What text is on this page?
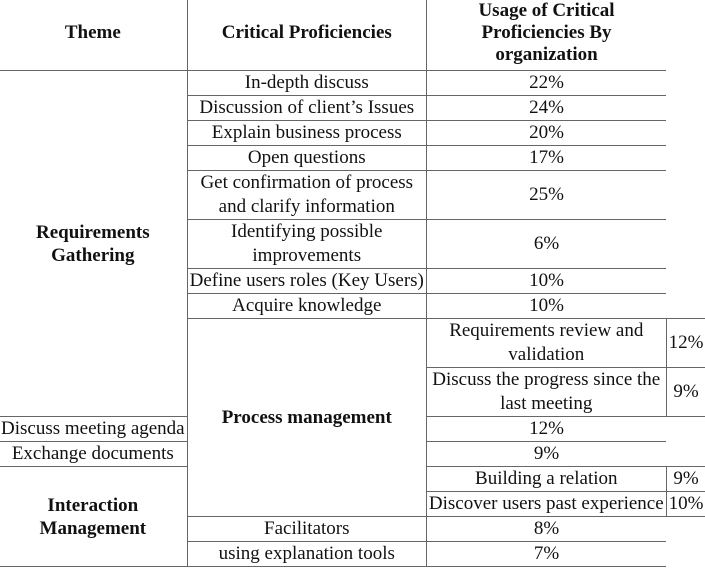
Theme	Critical Proficiencies	Usage of Critical Proficiencies By organization	
Requirements Gathering	In-depth discuss	22%	
	Discussion of client’s Issues	24%	
	Explain business process	20%	
	Open questions	17%	
	Get confirmation of process and clarify information	25%	
	Identifying possible improvements	6%	
	Define users roles (Key Users)	10%	
	Acquire knowledge	10%	
	Process management	Requirements review and validation	12%
		Discuss the progress since the last meeting	9%
Discuss meeting agenda		12%	
Exchange documents		9%	
Interaction Management		Building a relation	9%
		Discover users past experience	10%
	Facilitators	8%	
	using explanation tools	7%	
